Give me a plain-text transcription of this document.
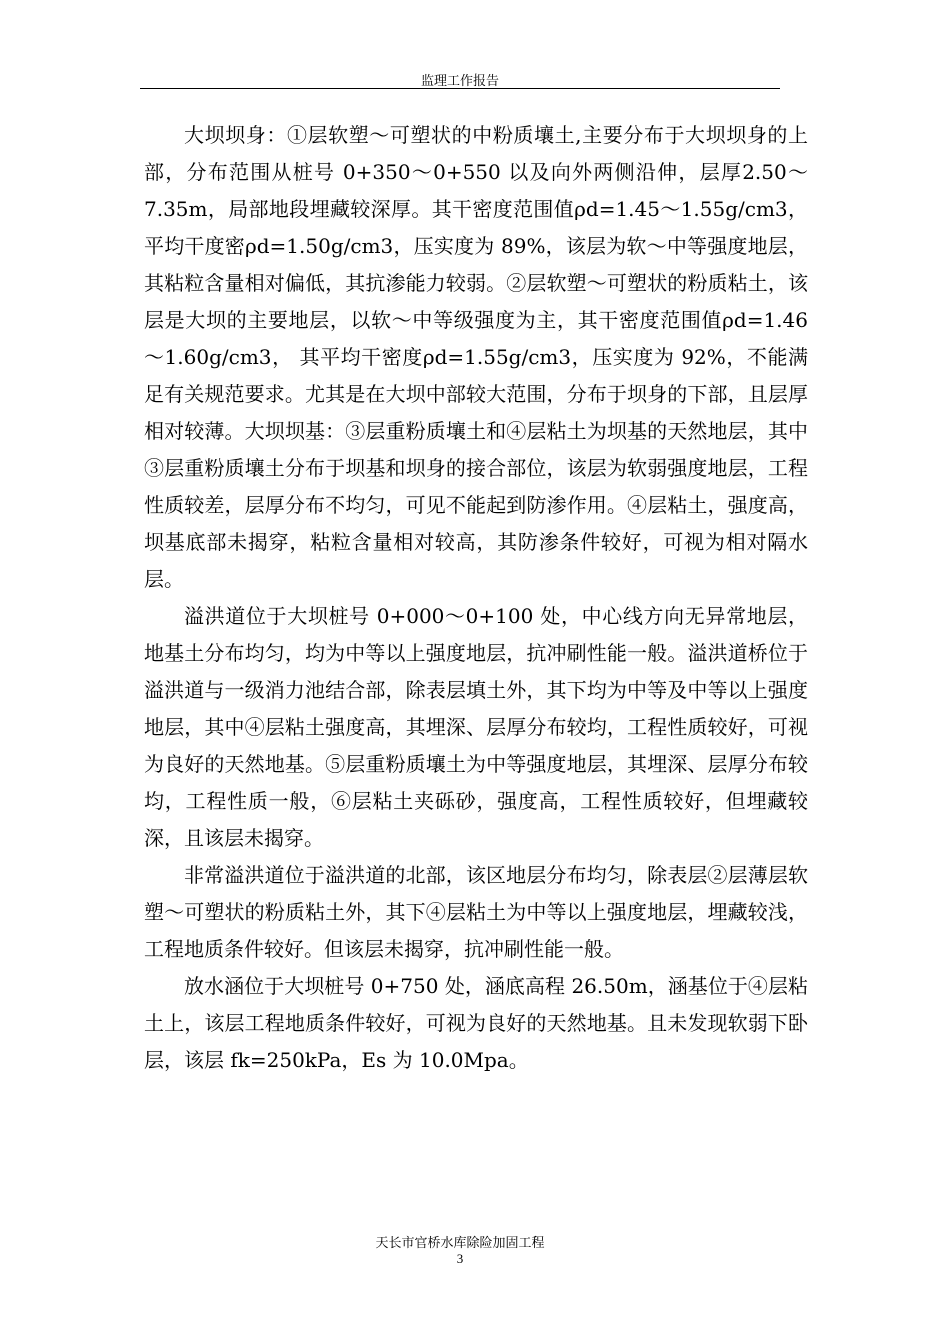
监理工作报告

大坝坝身：①层软塑～可塑状的中粉质壤土,主要分布于大坝坝身的上部，分布范围从桩号 0+350～0+550 以及向外两侧沿伸，层厚2.50～7.35m，局部地段埋藏较深厚。其干密度范围值ρd=1.45～1.55g/cm3，平均干度密ρd=1.50g/cm3，压实度为 89%，该层为软～中等强度地层，其粘粒含量相对偏低，其抗渗能力较弱。②层软塑～可塑状的粉质粘土，该层是大坝的主要地层，以软～中等级强度为主，其干密度范围值ρd=1.46～1.60g/cm3， 其平均干密度ρd=1.55g/cm3，压实度为 92%，不能满足有关规范要求。尤其是在大坝中部较大范围，分布于坝身的下部，且层厚相对较薄。大坝坝基：③层重粉质壤土和④层粘土为坝基的天然地层，其中③层重粉质壤土分布于坝基和坝身的接合部位，该层为软弱强度地层，工程性质较差，层厚分布不均匀，可见不能起到防渗作用。④层粘土，强度高，坝基底部未揭穿，粘粒含量相对较高，其防渗条件较好，可视为相对隔水层。

溢洪道位于大坝桩号 0+000～0+100 处，中心线方向无异常地层，地基土分布均匀，均为中等以上强度地层，抗冲刷性能一般。溢洪道桥位于溢洪道与一级消力池结合部，除表层填土外，其下均为中等及中等以上强度地层，其中④层粘土强度高，其埋深、层厚分布较均，工程性质较好，可视为良好的天然地基。⑤层重粉质壤土为中等强度地层，其埋深、层厚分布较均，工程性质一般，⑥层粘土夹砾砂，强度高，工程性质较好，但埋藏较深，且该层未揭穿。

非常溢洪道位于溢洪道的北部，该区地层分布均匀，除表层②层薄层软塑～可塑状的粉质粘土外，其下④层粘土为中等以上强度地层，埋藏较浅，工程地质条件较好。但该层未揭穿，抗冲刷性能一般。

放水涵位于大坝桩号 0+750 处，涵底高程 26.50m，涵基位于④层粘土上，该层工程地质条件较好，可视为良好的天然地基。且未发现软弱下卧层，该层 fk=250kPa，Es 为 10.0Mpa。

天长市官桥水库除险加固工程
3
